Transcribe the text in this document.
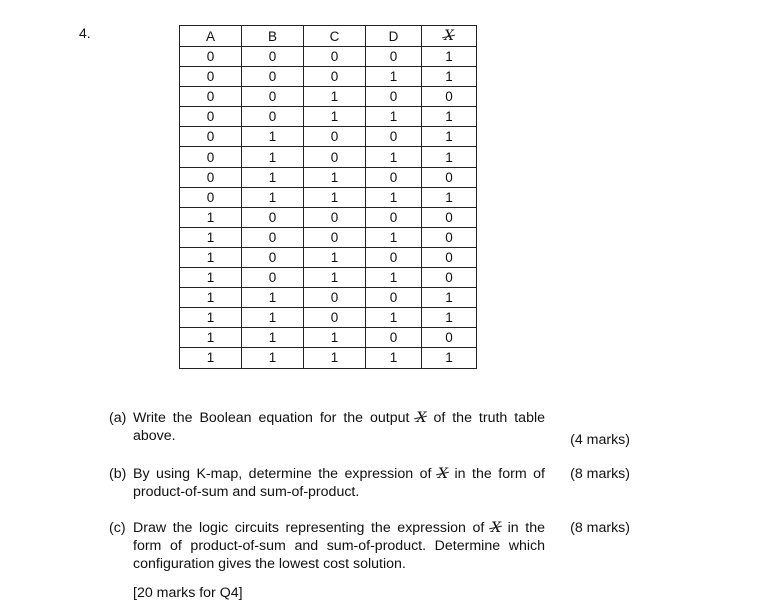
4.	A	B	C	D	X
0	0	0	0	1
0	0	0	1	1
0	0	1	0	0
0	0	1	1	1
0	1	0	0	1
0	1	0	1	1
0	1	1	0	0
0	1	1	1	1
1	0	0	0	0
1	0	0	1	0
1	0	1	0	0
1	0	1	1	0
1	1	0	0	1
1	1	0	1	1
1	1	1	0	0
1	1	1	1	1
(a) Write the Boolean equation for the output X of the truth table above.	(4 marks)
(b) By using K-map, determine the expression of X in the form of product-of-sum and sum-of-product.
(8 marks)
(c) Draw the logic circuits representing the expression of X in the form of product-of-sum and sum-of-product. Determine which configuration gives the lowest cost solution.
(8 marks)
[20 marks for Q4]
